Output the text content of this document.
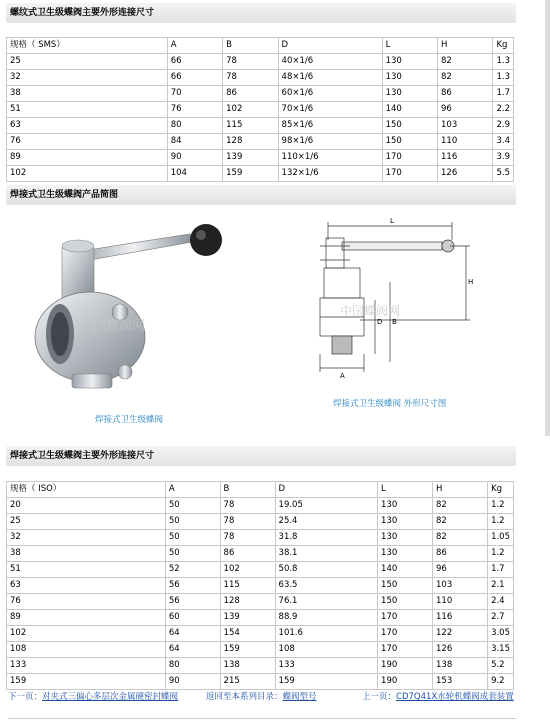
螺纹式卫生级蝶阀主要外形连接尺寸
规格（ SMS）	A	B	D	L	H	Kg
25	66	78	40×1/6	130	82	1.3
32	66	78	48×1/6	130	82	1.3
38	70	86	60×1/6	130	86	1.7
51	76	102	70×1/6	140	96	2.2
63	80	115	85×1/6	150	103	2.9
76	84	128	98×1/6	150	110	3.4
89	90	139	110×1/6	170	116	3.9
102	104	159	132×1/6	170	126	5.5
焊接式卫生级蝶阀产品简图
中国蝶阀网
焊接式卫生级蝶阀
L
H
B
D
A
中国蝶阀网
焊接式卫生级蝶阀 外形尺寸图
焊接式卫生级蝶阀主要外形连接尺寸
规格（ ISO）	A	B	D	L	H	Kg
20	50	78	19.05	130	82	1.2
25	50	78	25.4	130	82	1.2
32	50	78	31.8	130	82	1.05
38	50	86	38.1	130	86	1.2
51	52	102	50.8	140	96	1.7
63	56	115	63.5	150	103	2.1
76	56	128	76.1	150	110	2.4
89	60	139	88.9	170	116	2.7
102	64	154	101.6	170	122	3.05
108	64	159	108	170	126	3.15
133	80	138	133	190	138	5.2
159	90	215	159	190	153	9.2
下一页：对夹式三偏心多层次金属硬密封蝶阀	返回至本系列目录：蝶阀型号	上一页：CD7Q41X水轮机蝶阀成套装置
